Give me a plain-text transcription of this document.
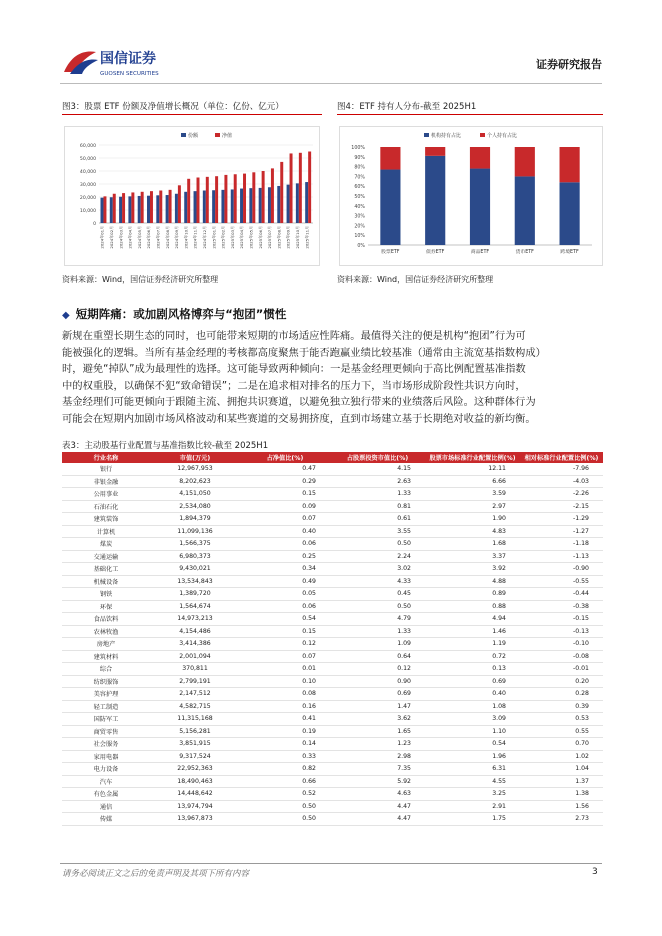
国信证券
GUOSEN SECURITIES
证券研究报告
图3：股票 ETF 份额及净值增长概况（单位：亿份、亿元）
0
10,000
20,000
30,000
40,000
50,000
60,000
2024年01月 2024年02月 2024年03月 2024年04月 2024年05月 2024年06月 2024年07月 2024年08月 2024年09月 2024年10月 2024年11月 2024年12月 2025年01月 2025年02月 2025年03月 2025年04月 2025年05月 2025年06月 2025年07月 2025年08月 2025年09月 2025年10月 2025年11月
份额	净值
资料来源：Wind，国信证券经济研究所整理
图4：ETF 持有人分布-截至 2025H1
0%
10%
20%
30%
40%
50%
60%
70%
80%
90%
100%
股票ETF	债券ETF	商品ETF	货币ETF	跨境ETF
机构持有占比	个人持有占比
资料来源：Wind，国信证券经济研究所整理
◆ 短期阵痛：或加剧风格博弈与“抱团”惯性
新规在重塑长期生态的同时，也可能带来短期的市场适应性阵痛。最值得关注的便是机构“抱团”行为可
能被强化的逻辑。当所有基金经理的考核都高度聚焦于能否跑赢业绩比较基准（通常由主流宽基指数构成）
时，避免“掉队”成为最理性的选择。这可能导致两种倾向：一是基金经理更倾向于高比例配置基准指数
中的权重股，以确保不犯“致命错误”；二是在追求相对排名的压力下，当市场形成阶段性共识方向时，
基金经理们可能更倾向于跟随主流、拥抱共识赛道，以避免独立独行带来的业绩落后风险。这种群体行为
可能会在短期内加剧市场风格波动和某些赛道的交易拥挤度，直到市场建立基于长期绝对收益的新均衡。
表3：主动股基行业配置与基准指数比较-截至 2025H1
行业名称	市值(万元)	占净值比(%)	占股票投资市值比(%)	股票市场标准行业配置比例(%)	相对标准行业配置比例(%)
银行	12,967,953	0.47	4.15	12.11	-7.96
非银金融	8,202,623	0.29	2.63	6.66	-4.03
公用事业	4,151,050	0.15	1.33	3.59	-2.26
石油石化	2,534,080	0.09	0.81	2.97	-2.15
建筑装饰	1,894,379	0.07	0.61	1.90	-1.29
计算机	11,099,136	0.40	3.55	4.83	-1.27
煤炭	1,566,375	0.06	0.50	1.68	-1.18
交通运输	6,980,373	0.25	2.24	3.37	-1.13
基础化工	9,430,021	0.34	3.02	3.92	-0.90
机械设备	13,534,843	0.49	4.33	4.88	-0.55
钢铁	1,389,720	0.05	0.45	0.89	-0.44
环保	1,564,674	0.06	0.50	0.88	-0.38
食品饮料	14,973,213	0.54	4.79	4.94	-0.15
农林牧渔	4,154,486	0.15	1.33	1.46	-0.13
房地产	3,414,386	0.12	1.09	1.19	-0.10
建筑材料	2,001,094	0.07	0.64	0.72	-0.08
综合	370,811	0.01	0.12	0.13	-0.01
纺织服饰	2,799,191	0.10	0.90	0.69	0.20
美容护理	2,147,512	0.08	0.69	0.40	0.28
轻工制造	4,582,715	0.16	1.47	1.08	0.39
国防军工	11,315,168	0.41	3.62	3.09	0.53
商贸零售	5,156,281	0.19	1.65	1.10	0.55
社会服务	3,851,915	0.14	1.23	0.54	0.70
家用电器	9,317,524	0.33	2.98	1.96	1.02
电力设备	22,952,363	0.82	7.35	6.31	1.04
汽车	18,490,463	0.66	5.92	4.55	1.37
有色金属	14,448,642	0.52	4.63	3.25	1.38
通信	13,974,794	0.50	4.47	2.91	1.56
传媒	13,967,873	0.50	4.47	1.75	2.73
请务必阅读正文之后的免责声明及其项下所有内容	3
